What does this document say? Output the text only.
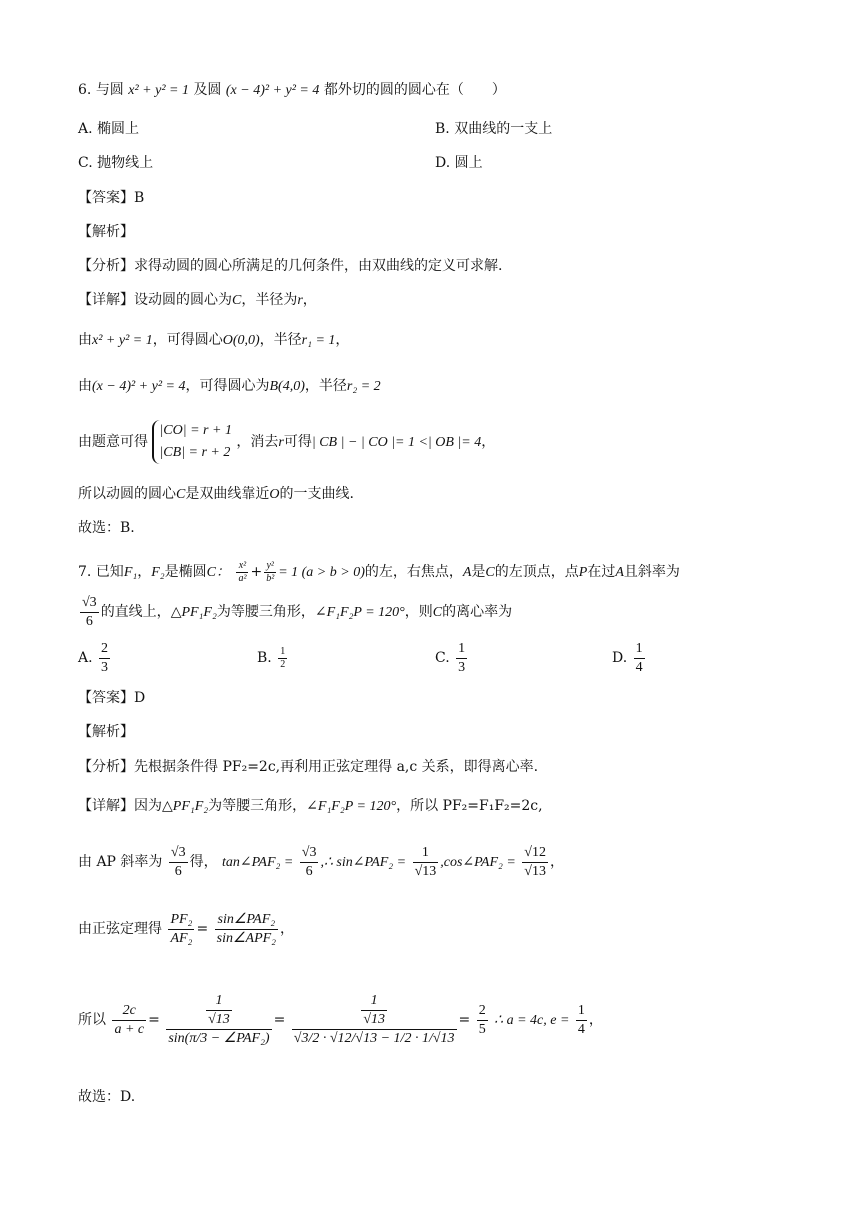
6. 与圆 x² + y² = 1 及圆 (x − 4)² + y² = 4 都外切的圆的圆心在（　　）
A. 椭圆上	B. 双曲线的一支上
C. 抛物线上	D. 圆上
【答案】B
【解析】
【分析】求得动圆的圆心所满足的几何条件，由双曲线的定义可求解.
【详解】设动圆的圆心为C，半径为r，
由x² + y² = 1，可得圆心O(0,0)，半径r₁ = 1，
由(x − 4)² + y² = 4，可得圆心为B(4,0)，半径r₂ = 2
由题意可得
|CO| = r + 1
|CB| = r + 2
，消去r可得| CB | − | CO |= 1 <| OB |= 4，
所以动圆的圆心C是双曲线靠近O的一支曲线.
故选：B.
7. 已知F₁，F₂是椭圆C： $\frac{\text{x²}}{\text{a²}} + \frac{\text{y²}}{\text{b²}} = 1$ (a > b > 0)的左，右焦点，A是C的左顶点，点P在过A且斜率为
$\frac{√3}{6}$ 的直线上，△PF₁F₂为等腰三角形，∠F₁F₂P = 120°，则C的离心率为
A. $\frac{2}{3}$	B. $\frac{1}{2}$	C. $\frac{1}{3}$	D. $\frac{1}{4}$
【答案】D
【解析】
【分析】先根据条件得 PF₂=2c,再利用正弦定理得 a,c 关系，即得离心率.
【详解】因为△PF₁F₂为等腰三角形，∠F₁F₂P = 120°，所以 PF₂=F₁F₂=2c,
由 AP 斜率为 $\frac{√3}{6}$ 得， tan∠PAF₂ = $\frac{√3}{6}$ ,∴ sin∠PAF₂ = $\frac{1}{√13}$ ,cos∠PAF₂ = $\frac{√12}{√13}$ ，
由正弦定理得 $\frac{\text{PF₂}}{\text{AF₂}} = \frac{\text{sin∠PAF₂}}{\text{sin∠APF₂}}$ ，
所以 $\frac{2c}{a + c} = \frac{\frac{1}{√13}}{\text{sin(π/3 − ∠PAF₂)}} = \frac{\frac{1}{√13}}{√3/2 \cdot √12/√13 - 1/2 \cdot 1/√13} = \frac{2}{5}$ ∴ a = 4c, $e = \frac{1}{4}$ ，
故选：D.
